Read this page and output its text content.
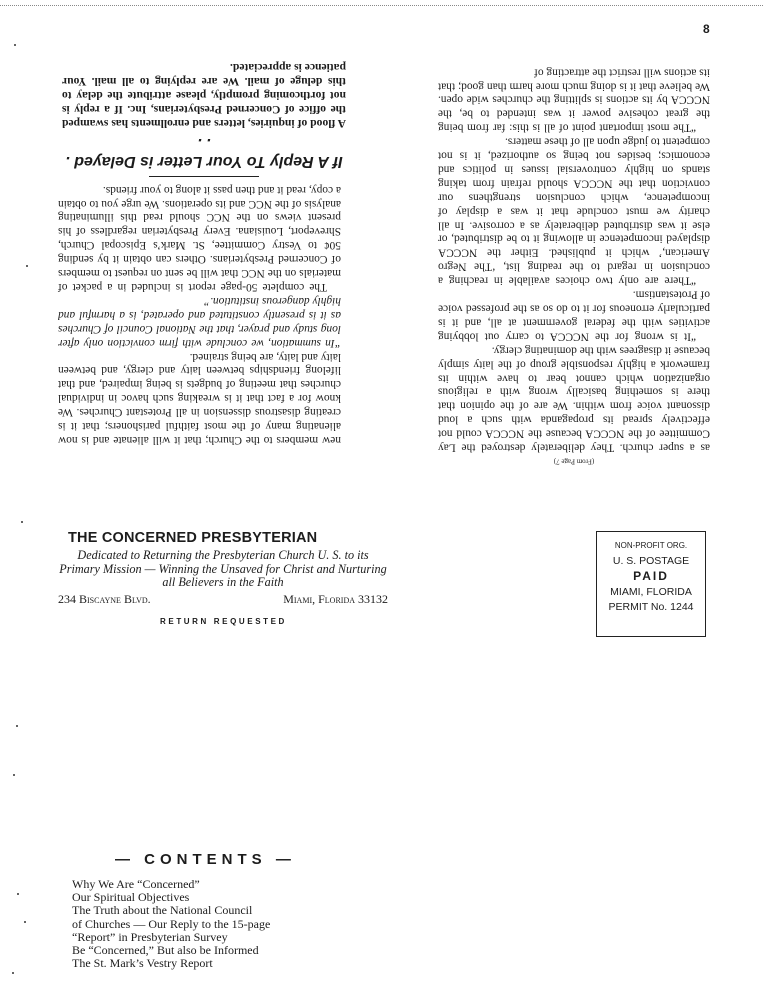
8
(From Page 7)

as a super church. They deliberately destroyed the Lay Committee of the NCCCA because the NCCCA could not effectively spread its propaganda with such a loud dissonant voice from within. We are of the opinion that there is something basically wrong with a religious organization which cannot bear to have within its framework a highly responsible group of the laity simply because it disagrees with the dominating clergy.

“It is wrong for the NCCCA to carry out lobbying activities with the federal government at all, and it is particularly erroneous for it to do so as the professed voice of Protestantism.

“There are only two choices available in reaching a conclusion in regard to the reading list, ‘The Negro American,’ which it published. Either the NCCCA displayed incompetence in allowing it to be distributed, or else it was distributed deliberately as a corrosive. In all charity we must conclude that it was a display of incompetence, which conclusion strengthens our conviction that the NCCCA should refrain from taking stands on highly controversial issues in politics and economics; besides not being so authorized, it is not competent to judge upon all of these matters.

“The most important point of all is this: far from being the great cohesive power it was intended to be, the NCCCA by its actions is splitting the churches wide open. We believe that it is doing much more harm than good; that its actions will restrict the attracting of

new members to the Church; that it will alienate and is now alienating many of the most faithful parishoners; that it is creating disastrous dissension in all Protestant Churches. We know for a fact that it is wreaking such havoc in individual churches that meeting of budgets is being impaired, and that lifelong friendships between laity and clergy, and between laity and laity, are being strained.

“In summation, we conclude with firm conviction only after long study and prayer, that the National Council of Churches as it is presently constituted and operated, is a harmful and highly dangerous institution.”

The complete 50-page report is included in a packet of materials on the NCC that will be sent on request to members of Concerned Presbyterians. Others can obtain it by sending 50¢ to Vestry Committee, St. Mark’s Episcopal Church, Shreveport, Louisiana. Every Presbyterian regardless of his present views on the NCC should read this illuminating analysis of the NCC and its operations. We urge you to obtain a copy, read it and then pass it along to your friends.

If A Reply To Your Letter is Delayed . . .
A flood of inquiries, letters and enrollments has swamped the office of Concerned Presbyterians, Inc. If a reply is not forthcoming promptly, please attribute the delay to this deluge of mail. We are replying to all mail. Your patience is appreciated.
THE CONCERNED PRESBYTERIAN
Dedicated to Returning the Presbyterian Church U. S. to its Primary Mission — Winning the Unsaved for Christ and Nurturing all Believers in the Faith
234 Biscayne Blvd.	Miami, Florida 33132
RETURN REQUESTED
NON-PROFIT ORG.
U. S. POSTAGE
PAID
MIAMI, FLORIDA
PERMIT No. 1244
— CONTENTS —
Why We Are “Concerned”
Our Spiritual Objectives
The Truth about the National Council
of Churches — Our Reply to the 15-page
“Report” in Presbyterian Survey
Be “Concerned,” But also be Informed
The St. Mark’s Vestry Report
